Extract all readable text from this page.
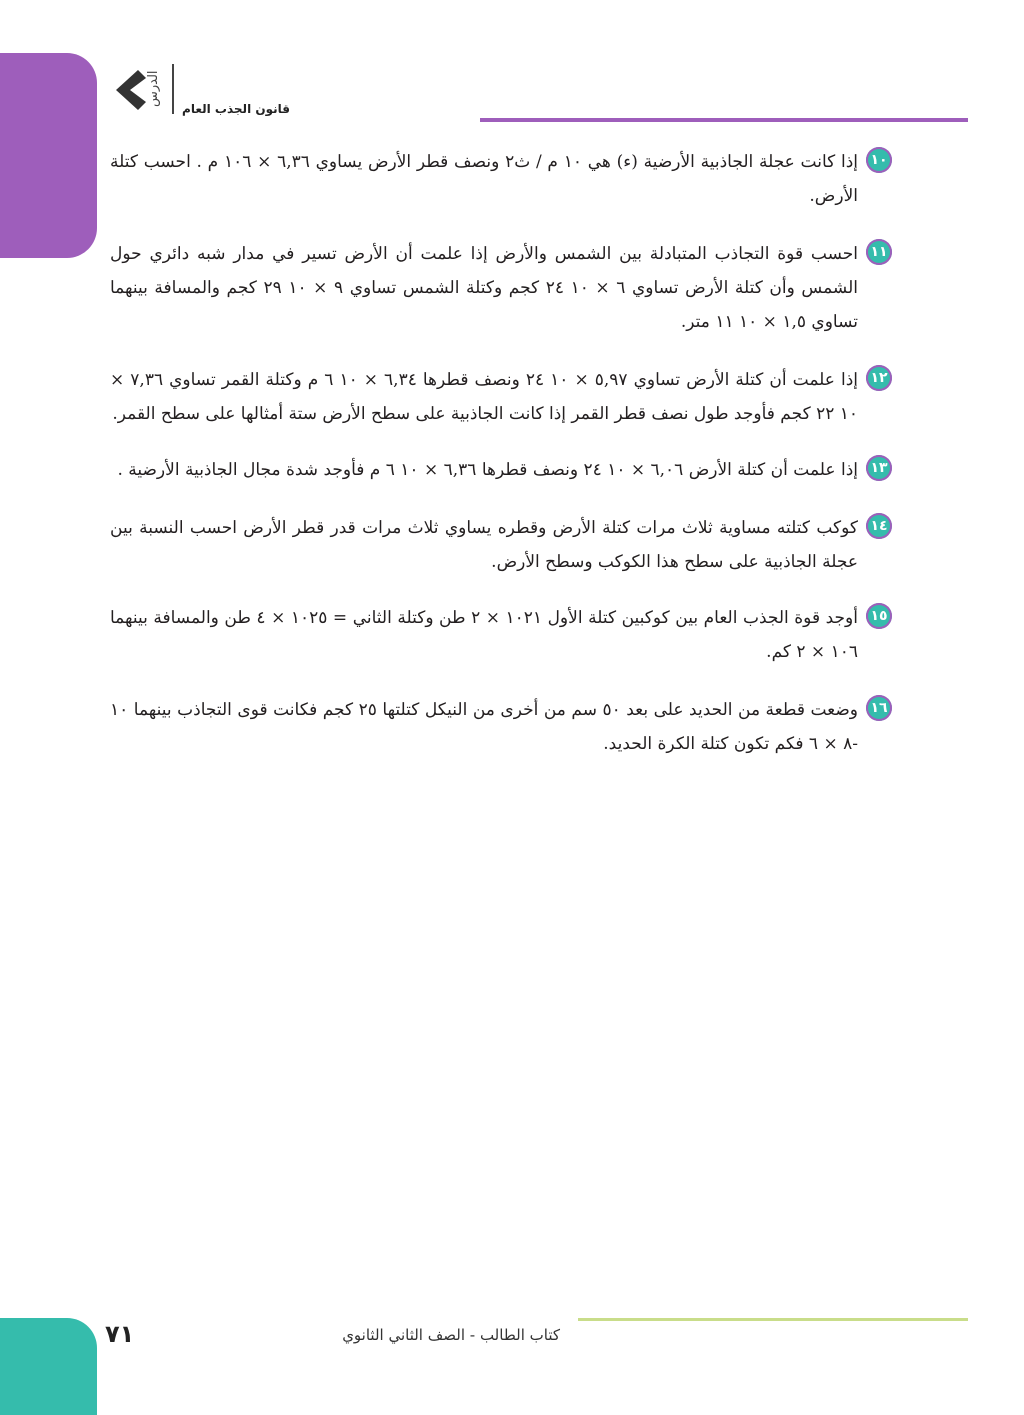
الدرس
قانون الجذب العام
١٠
إذا كانت عجلة الجاذبية الأرضية (ء) هي ١٠ م / ث٢ ونصف قطر الأرض يساوي ٦,٣٦ × ١٠٦ م . احسب كتلة الأرض.
١١
احسب قوة التجاذب المتبادلة بين الشمس والأرض إذا علمت أن الأرض تسير في مدار شبه دائري حول الشمس وأن كتلة الأرض تساوي ٦ × ١٠ ٢٤ كجم وكتلة الشمس تساوي ٩ × ١٠ ٢٩ كجم والمسافة بينهما تساوي ١,٥ × ١٠ ١١ متر.
١٢
إذا علمت أن كتلة الأرض تساوي ٥,٩٧ × ١٠ ٢٤ ونصف قطرها ٦,٣٤ × ١٠ ٦ م وكتلة القمر تساوي ٧,٣٦ × ١٠ ٢٢ كجم فأوجد طول نصف قطر القمر إذا كانت الجاذبية على سطح الأرض ستة أمثالها على سطح القمر.
١٣
إذا علمت أن كتلة الأرض ٦,٠٦ × ١٠ ٢٤ ونصف قطرها ٦,٣٦ × ١٠ ٦ م فأوجد شدة مجال الجاذبية الأرضية .
١٤
كوكب كتلته مساوية ثلاث مرات كتلة الأرض وقطره يساوي ثلاث مرات قدر قطر الأرض احسب النسبة بين عجلة الجاذبية على سطح هذا الكوكب وسطح الأرض.
١٥
أوجد قوة الجذب العام بين كوكبين كتلة الأول ١٠٢١ × ٢ طن وكتلة الثاني = ١٠٢٥ × ٤ طن والمسافة بينهما ١٠٦ × ٢ كم.
١٦
وضعت قطعة من الحديد على بعد ٥٠ سم من أخرى من النيكل كتلتها ٢٥ كجم فكانت قوى التجاذب بينهما ١٠ -٨ × ٦ فكم تكون كتلة الكرة الحديد.
٧١	كتاب الطالب - الصف الثاني الثانوي
